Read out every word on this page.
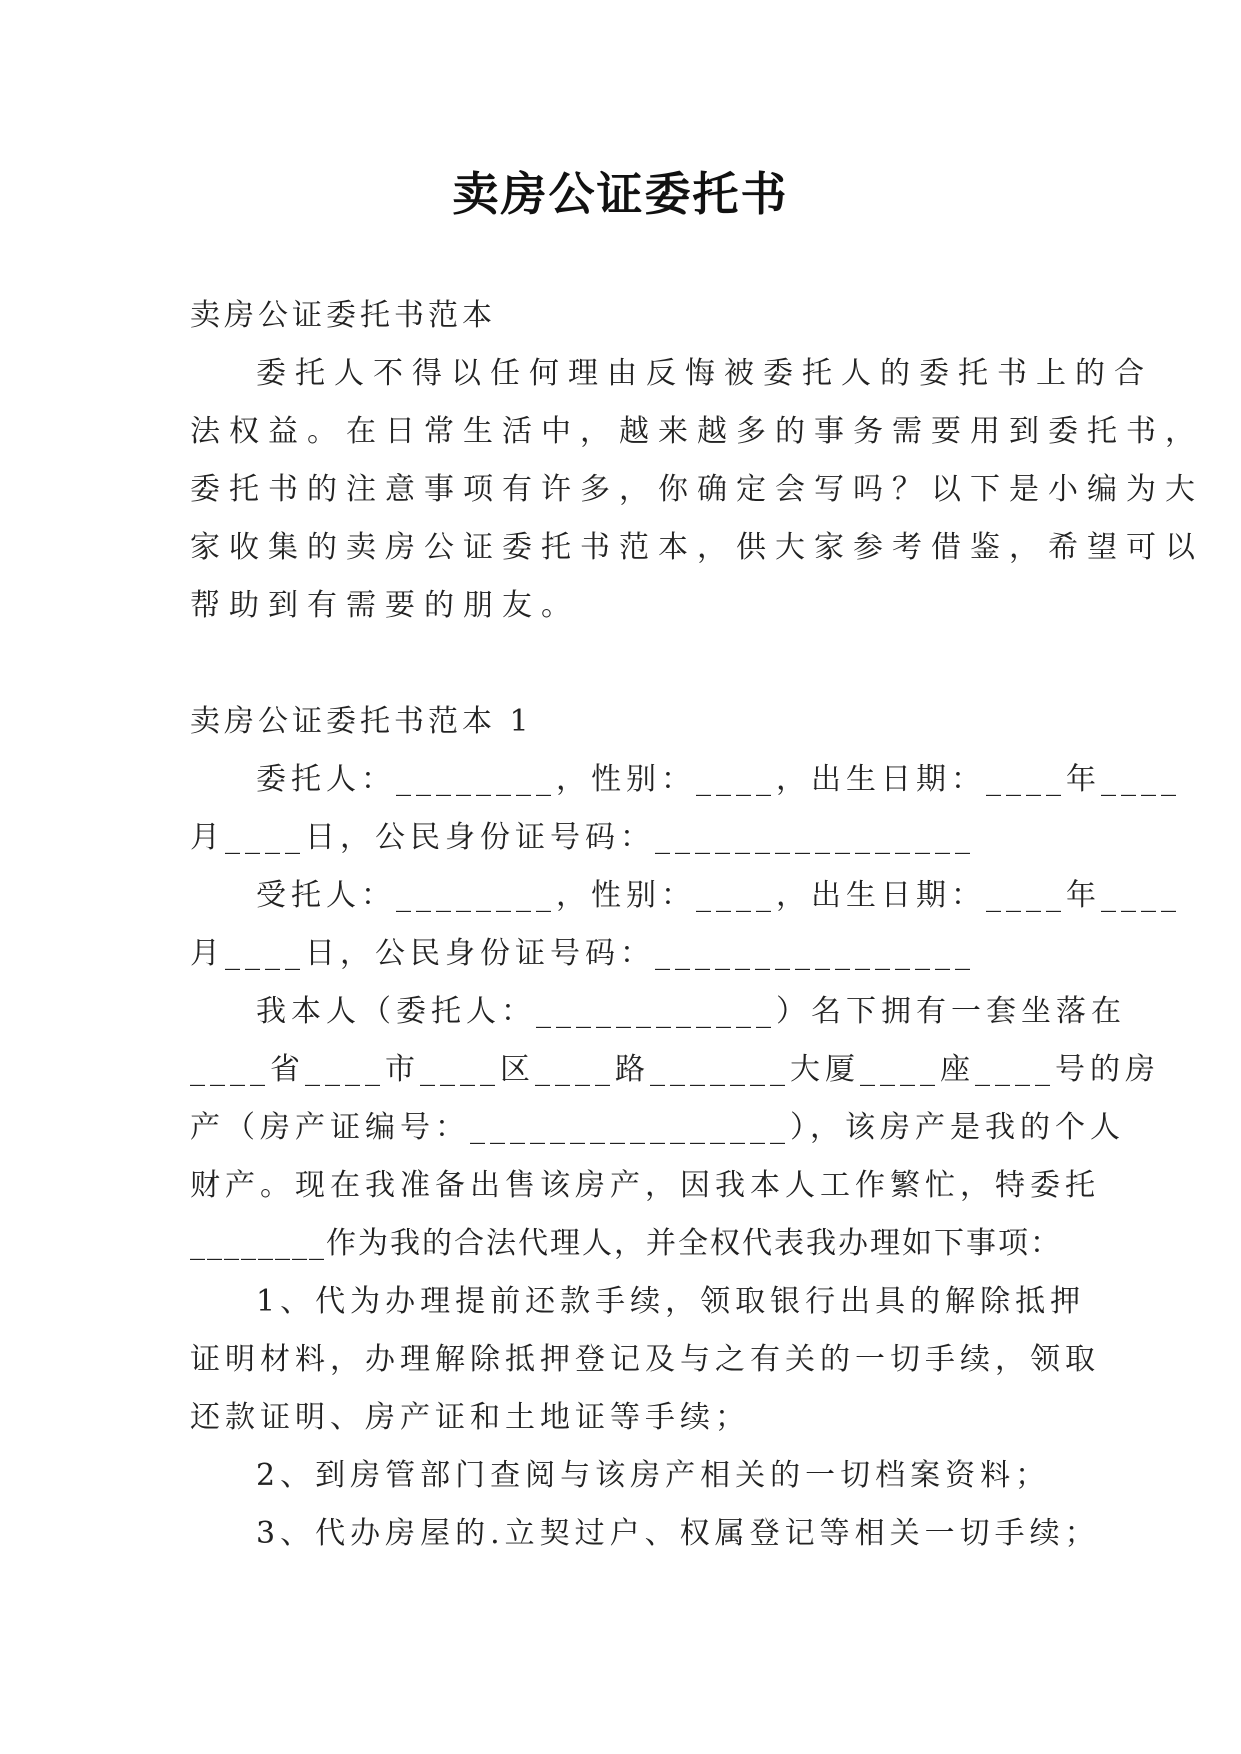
卖房公证委托书
卖房公证委托书范本
委托人不得以任何理由反悔被委托人的委托书上的合
法权益。在日常生活中，越来越多的事务需要用到委托书，
委托书的注意事项有许多，你确定会写吗？以下是小编为大
家收集的卖房公证委托书范本，供大家参考借鉴，希望可以
帮助到有需要的朋友。
卖房公证委托书范本 1
委托人：________，性别：____，出生日期：____年____
月____日，公民身份证号码：________________
受托人：________，性别：____，出生日期：____年____
月____日，公民身份证号码：________________
我本人（委托人：____________）名下拥有一套坐落在
____省____市____区____路_______大厦____座____号的房
产（房产证编号：________________），该房产是我的个人
财产。现在我准备出售该房产，因我本人工作繁忙，特委托
________作为我的合法代理人，并全权代表我办理如下事项：
1、代为办理提前还款手续，领取银行出具的解除抵押
证明材料，办理解除抵押登记及与之有关的一切手续，领取
还款证明、房产证和土地证等手续；
2、到房管部门查阅与该房产相关的一切档案资料；
3、代办房屋的.立契过户、权属登记等相关一切手续；
